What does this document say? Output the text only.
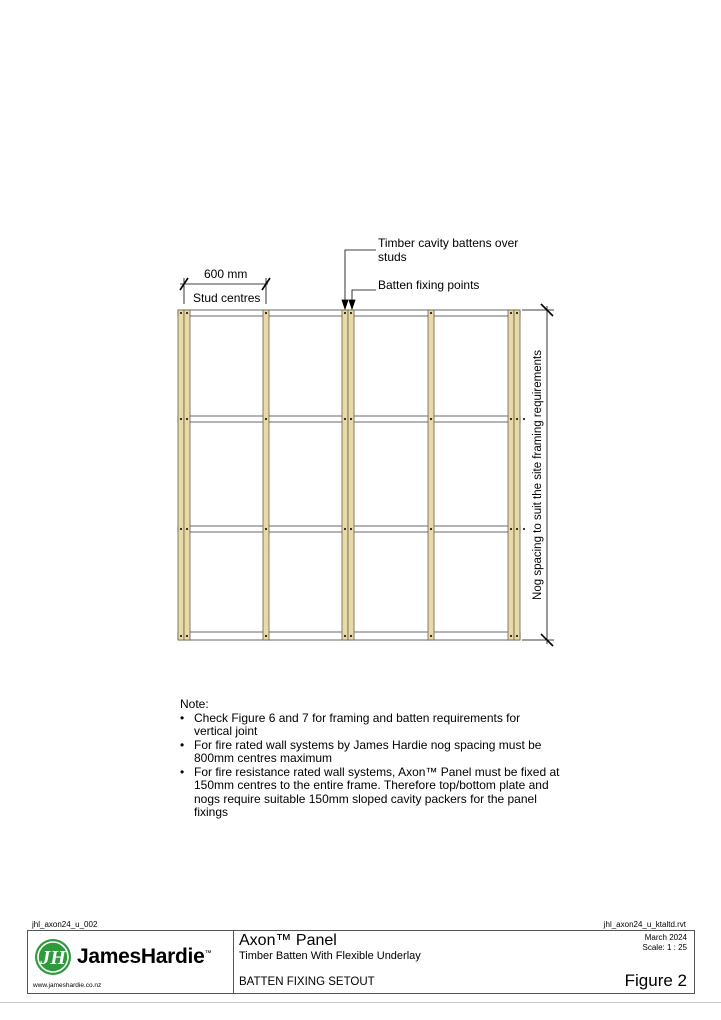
Nog spacing to suit the site framing requirements
600 mm
Stud centres
Timber cavity battens over
studs
Batten fixing points
Note:
• Check Figure 6 and 7 for framing and batten requirements for vertical joint
• For fire rated wall systems by James Hardie nog spacing must be 800mm centres maximum
• For fire resistance rated wall systems, Axon™ Panel must be fixed at 150mm centres to the entire frame. Therefore top/bottom plate and nogs require suitable 150mm sloped cavity packers for the panel fixings
jhl_axon24_u_002	jhl_axon24_u_ktaltd.rvt
JH JamesHardie™
www.jameshardie.co.nz
Axon™ Panel
Timber Batten With Flexible Underlay
BATTEN FIXING SETOUT
March 2024
Scale: 1 : 25
Figure 2
